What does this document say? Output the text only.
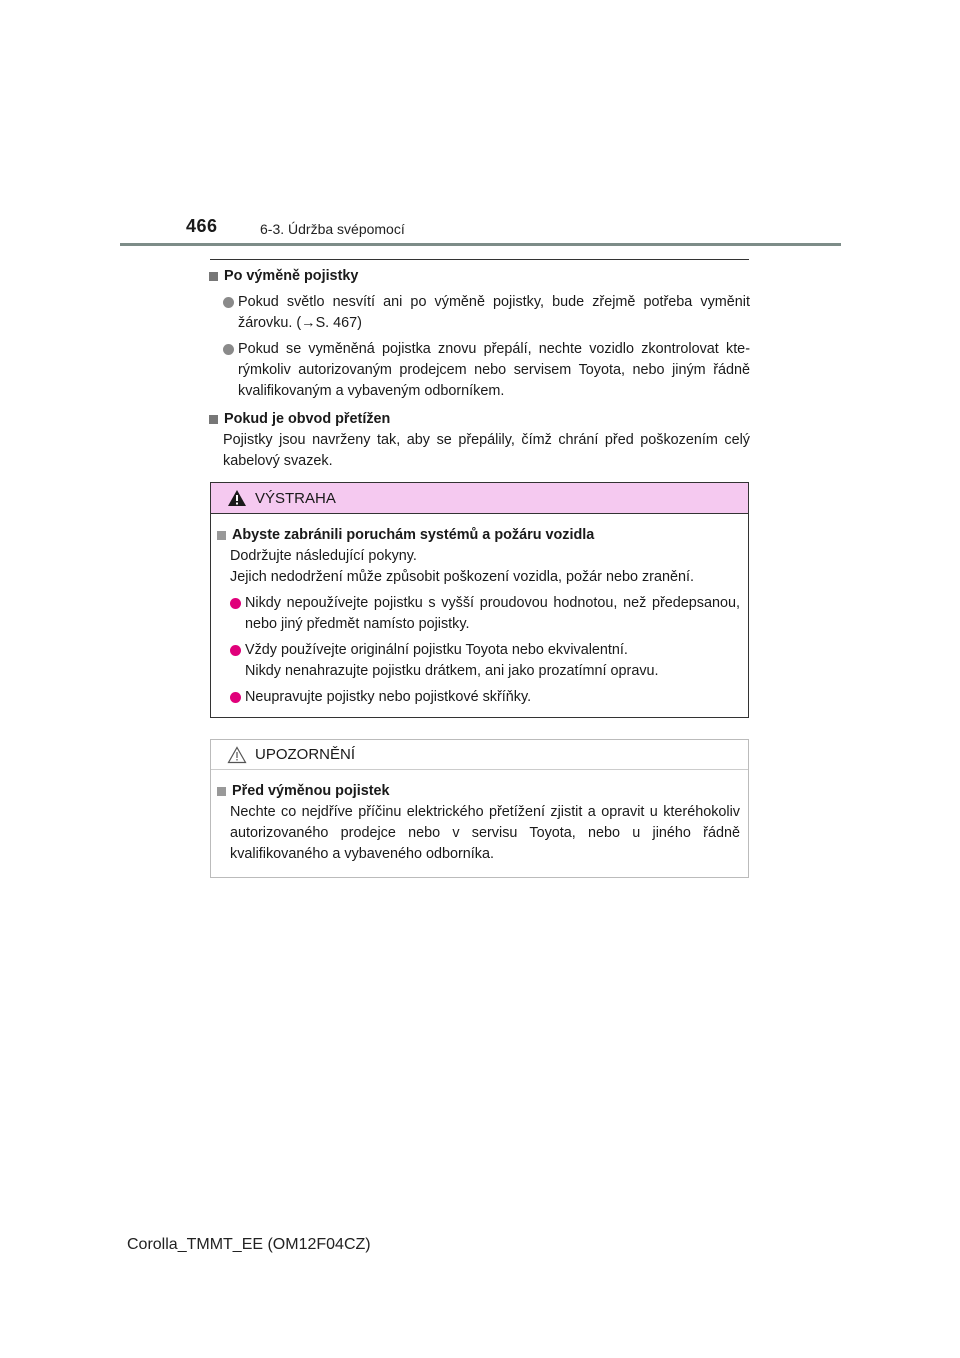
466	6-3. Údržba svépomocí
Po výměně pojistky
Pokud světlo nesvítí ani po výměně pojistky, bude zřejmě potřeba vyměnit žárovku. (→S. 467)
Pokud se vyměněná pojistka znovu přepálí, nechte vozidlo zkontrolovat kterýmkoliv autorizovaným prodejcem nebo servisem Toyota, nebo jiným řádně kvalifikovaným a vybaveným odborníkem.
Pokud je obvod přetížen
Pojistky jsou navrženy tak, aby se přepálily, čímž chrání před poškozením celý kabelový svazek.
VÝSTRAHA
Abyste zabránili poruchám systémů a požáru vozidla
Dodržujte následující pokyny.
Jejich nedodržení může způsobit poškození vozidla, požár nebo zranění.
Nikdy nepoužívejte pojistku s vyšší proudovou hodnotou, než předepsanou, nebo jiný předmět namísto pojistky.
Vždy používejte originální pojistku Toyota nebo ekvivalentní.
Nikdy nenahrazujte pojistku drátkem, ani jako prozatímní opravu.
Neupravujte pojistky nebo pojistkové skříňky.
UPOZORNĚNÍ
Před výměnou pojistek
Nechte co nejdříve příčinu elektrického přetížení zjistit a opravit u kteréhokoliv autorizovaného prodejce nebo v servisu Toyota, nebo u jiného řádně kvalifikovaného a vybaveného odborníka.
Corolla_TMMT_EE (OM12F04CZ)
